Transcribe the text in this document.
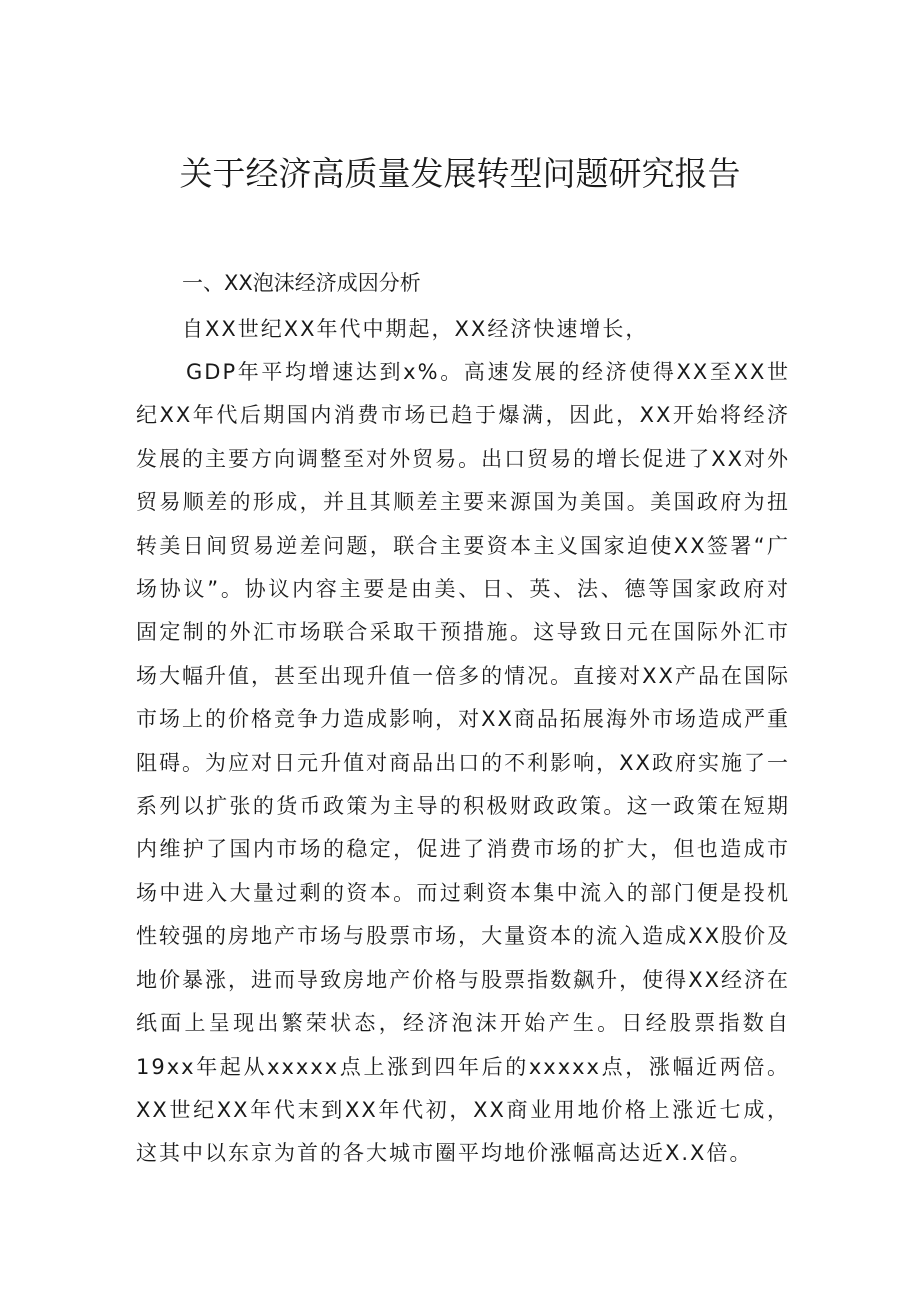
关于经济高质量发展转型问题研究报告
一、XX泡沫经济成因分析

自XX世纪XX年代中期起，XX经济快速增长，

GDP年平均增速达到x%。高速发展的经济使得XX至XX世纪XX年代后期国内消费市场已趋于爆满，因此，XX开始将经济发展的主要方向调整至对外贸易。出口贸易的增长促进了XX对外贸易顺差的形成，并且其顺差主要来源国为美国。美国政府为扭转美日间贸易逆差问题，联合主要资本主义国家迫使XX签署“广场协议”。协议内容主要是由美、日、英、法、德等国家政府对固定制的外汇市场联合采取干预措施。这导致日元在国际外汇市场大幅升值，甚至出现升值一倍多的情况。直接对XX产品在国际市场上的价格竞争力造成影响，对XX商品拓展海外市场造成严重阻碍。为应对日元升值对商品出口的不利影响，XX政府实施了一系列以扩张的货币政策为主导的积极财政政策。这一政策在短期内维护了国内市场的稳定，促进了消费市场的扩大，但也造成市场中进入大量过剩的资本。而过剩资本集中流入的部门便是投机性较强的房地产市场与股票市场，大量资本的流入造成XX股价及地价暴涨，进而导致房地产价格与股票指数飙升，使得XX经济在纸面上呈现出繁荣状态，经济泡沫开始产生。日经股票指数自19xx年起从xxxxx点上涨到四年后的xxxxx点，涨幅近两倍。XX世纪XX年代末到XX年代初，XX商业用地价格上涨近七成，这其中以东京为首的各大城市圈平均地价涨幅高达近X.X倍。
